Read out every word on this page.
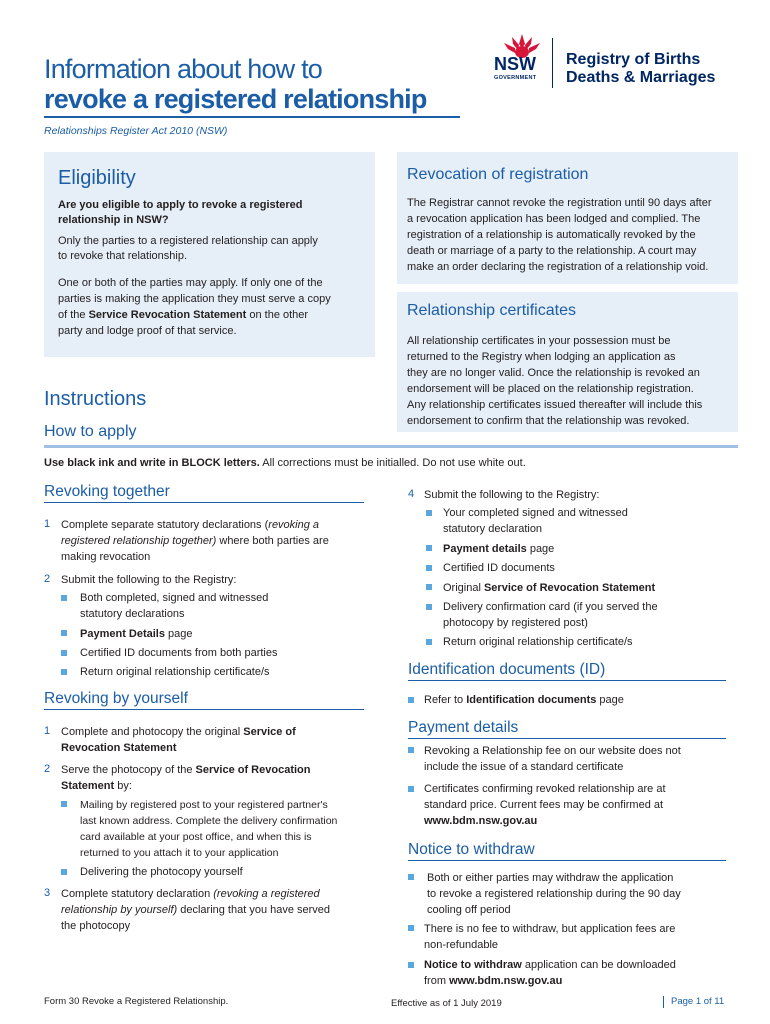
Information about how to
revoke a registered relationship
Relationships Register Act 2010 (NSW)
NSW
GOVERNMENT
Registry of Births
Deaths & Marriages
Eligibility
Are you eligible to apply to revoke a registered
relationship in NSW?
Only the parties to a registered relationship can apply
to revoke that relationship.
One or both of the parties may apply. If only one of the
parties is making the application they must serve a copy
of the Service Revocation Statement on the other
party and lodge proof of that service.
Revocation of registration
The Registrar cannot revoke the registration until 90 days after
a revocation application has been lodged and complied. The
registration of a relationship is automatically revoked by the
death or marriage of a party to the relationship. A court may
make an order declaring the registration of a relationship void.
Relationship certificates
All relationship certificates in your possession must be
returned to the Registry when lodging an application as
they are no longer valid. Once the relationship is revoked an
endorsement will be placed on the relationship registration.
Any relationship certificates issued thereafter will include this
endorsement to confirm that the relationship was revoked.
Instructions
How to apply
Use black ink and write in BLOCK letters. All corrections must be initialled. Do not use white out.
Revoking together
1 Complete separate statutory declarations (revoking a
registered relationship together) where both parties are
making revocation
2 Submit the following to the Registry:
Both completed, signed and witnessed
statutory declarations
Payment Details page
Certified ID documents from both parties
Return original relationship certificate/s
Revoking by yourself
1 Complete and photocopy the original Service of
Revocation Statement
2 Serve the photocopy of the Service of Revocation
Statement by:
Mailing by registered post to your registered partner's
last known address. Complete the delivery confirmation
card available at your post office, and when this is
returned to you attach it to your application
Delivering the photocopy yourself
3 Complete statutory declaration (revoking a registered
relationship by yourself) declaring that you have served
the photocopy
4 Submit the following to the Registry:
Your completed signed and witnessed
statutory declaration
Payment details page
Certified ID documents
Original Service of Revocation Statement
Delivery confirmation card (if you served the
photocopy by registered post)
Return original relationship certificate/s
Identification documents (ID)
Refer to Identification documents page
Payment details
Revoking a Relationship fee on our website does not
include the issue of a standard certificate
Certificates confirming revoked relationship are at
standard price. Current fees may be confirmed at
www.bdm.nsw.gov.au
Notice to withdraw
Both or either parties may withdraw the application
to revoke a registered relationship during the 90 day
cooling off period
There is no fee to withdraw, but application fees are
non-refundable
Notice to withdraw application can be downloaded
from www.bdm.nsw.gov.au
Form 30 Revoke a Registered Relationship.	Effective as of 1 July 2019	Page 1 of 11
